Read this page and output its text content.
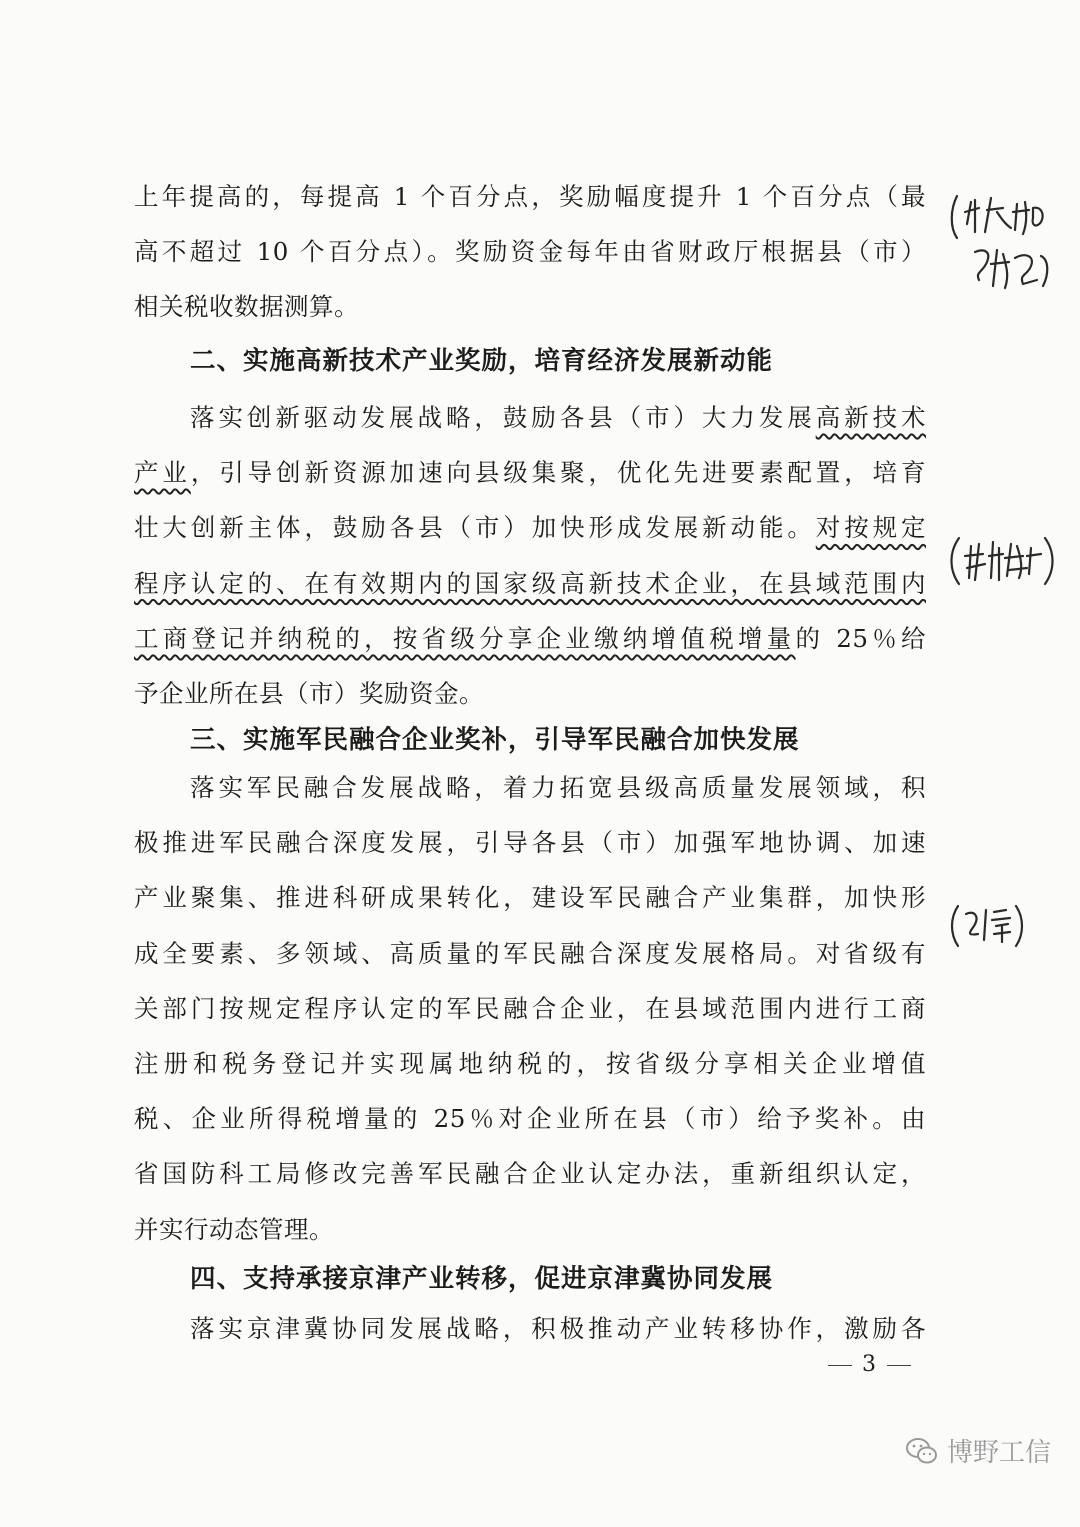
上年提高的，每提高 1 个百分点，奖励幅度提升 1 个百分点（最
高不超过 10 个百分点）。奖励资金每年由省财政厅根据县（市）
相关税收数据测算。
二、实施高新技术产业奖励，培育经济发展新动能
落实创新驱动发展战略，鼓励各县（市）大力发展高新技术
产业，引导创新资源加速向县级集聚，优化先进要素配置，培育
壮大创新主体，鼓励各县（市）加快形成发展新动能。对按规定
程序认定的、在有效期内的国家级高新技术企业，在县域范围内
工商登记并纳税的，按省级分享企业缴纳增值税增量的 25％给
予企业所在县（市）奖励资金。
三、实施军民融合企业奖补，引导军民融合加快发展
落实军民融合发展战略，着力拓宽县级高质量发展领域，积
极推进军民融合深度发展，引导各县（市）加强军地协调、加速
产业聚集、推进科研成果转化，建设军民融合产业集群，加快形
成全要素、多领域、高质量的军民融合深度发展格局。对省级有
关部门按规定程序认定的军民融合企业，在县域范围内进行工商
注册和税务登记并实现属地纳税的，按省级分享相关企业增值
税、企业所得税增量的 25％对企业所在县（市）给予奖补。由
省国防科工局修改完善军民融合企业认定办法，重新组织认定，
并实行动态管理。
四、支持承接京津产业转移，促进京津冀协同发展
落实京津冀协同发展战略，积极推动产业转移协作，激励各
3
博野工信
